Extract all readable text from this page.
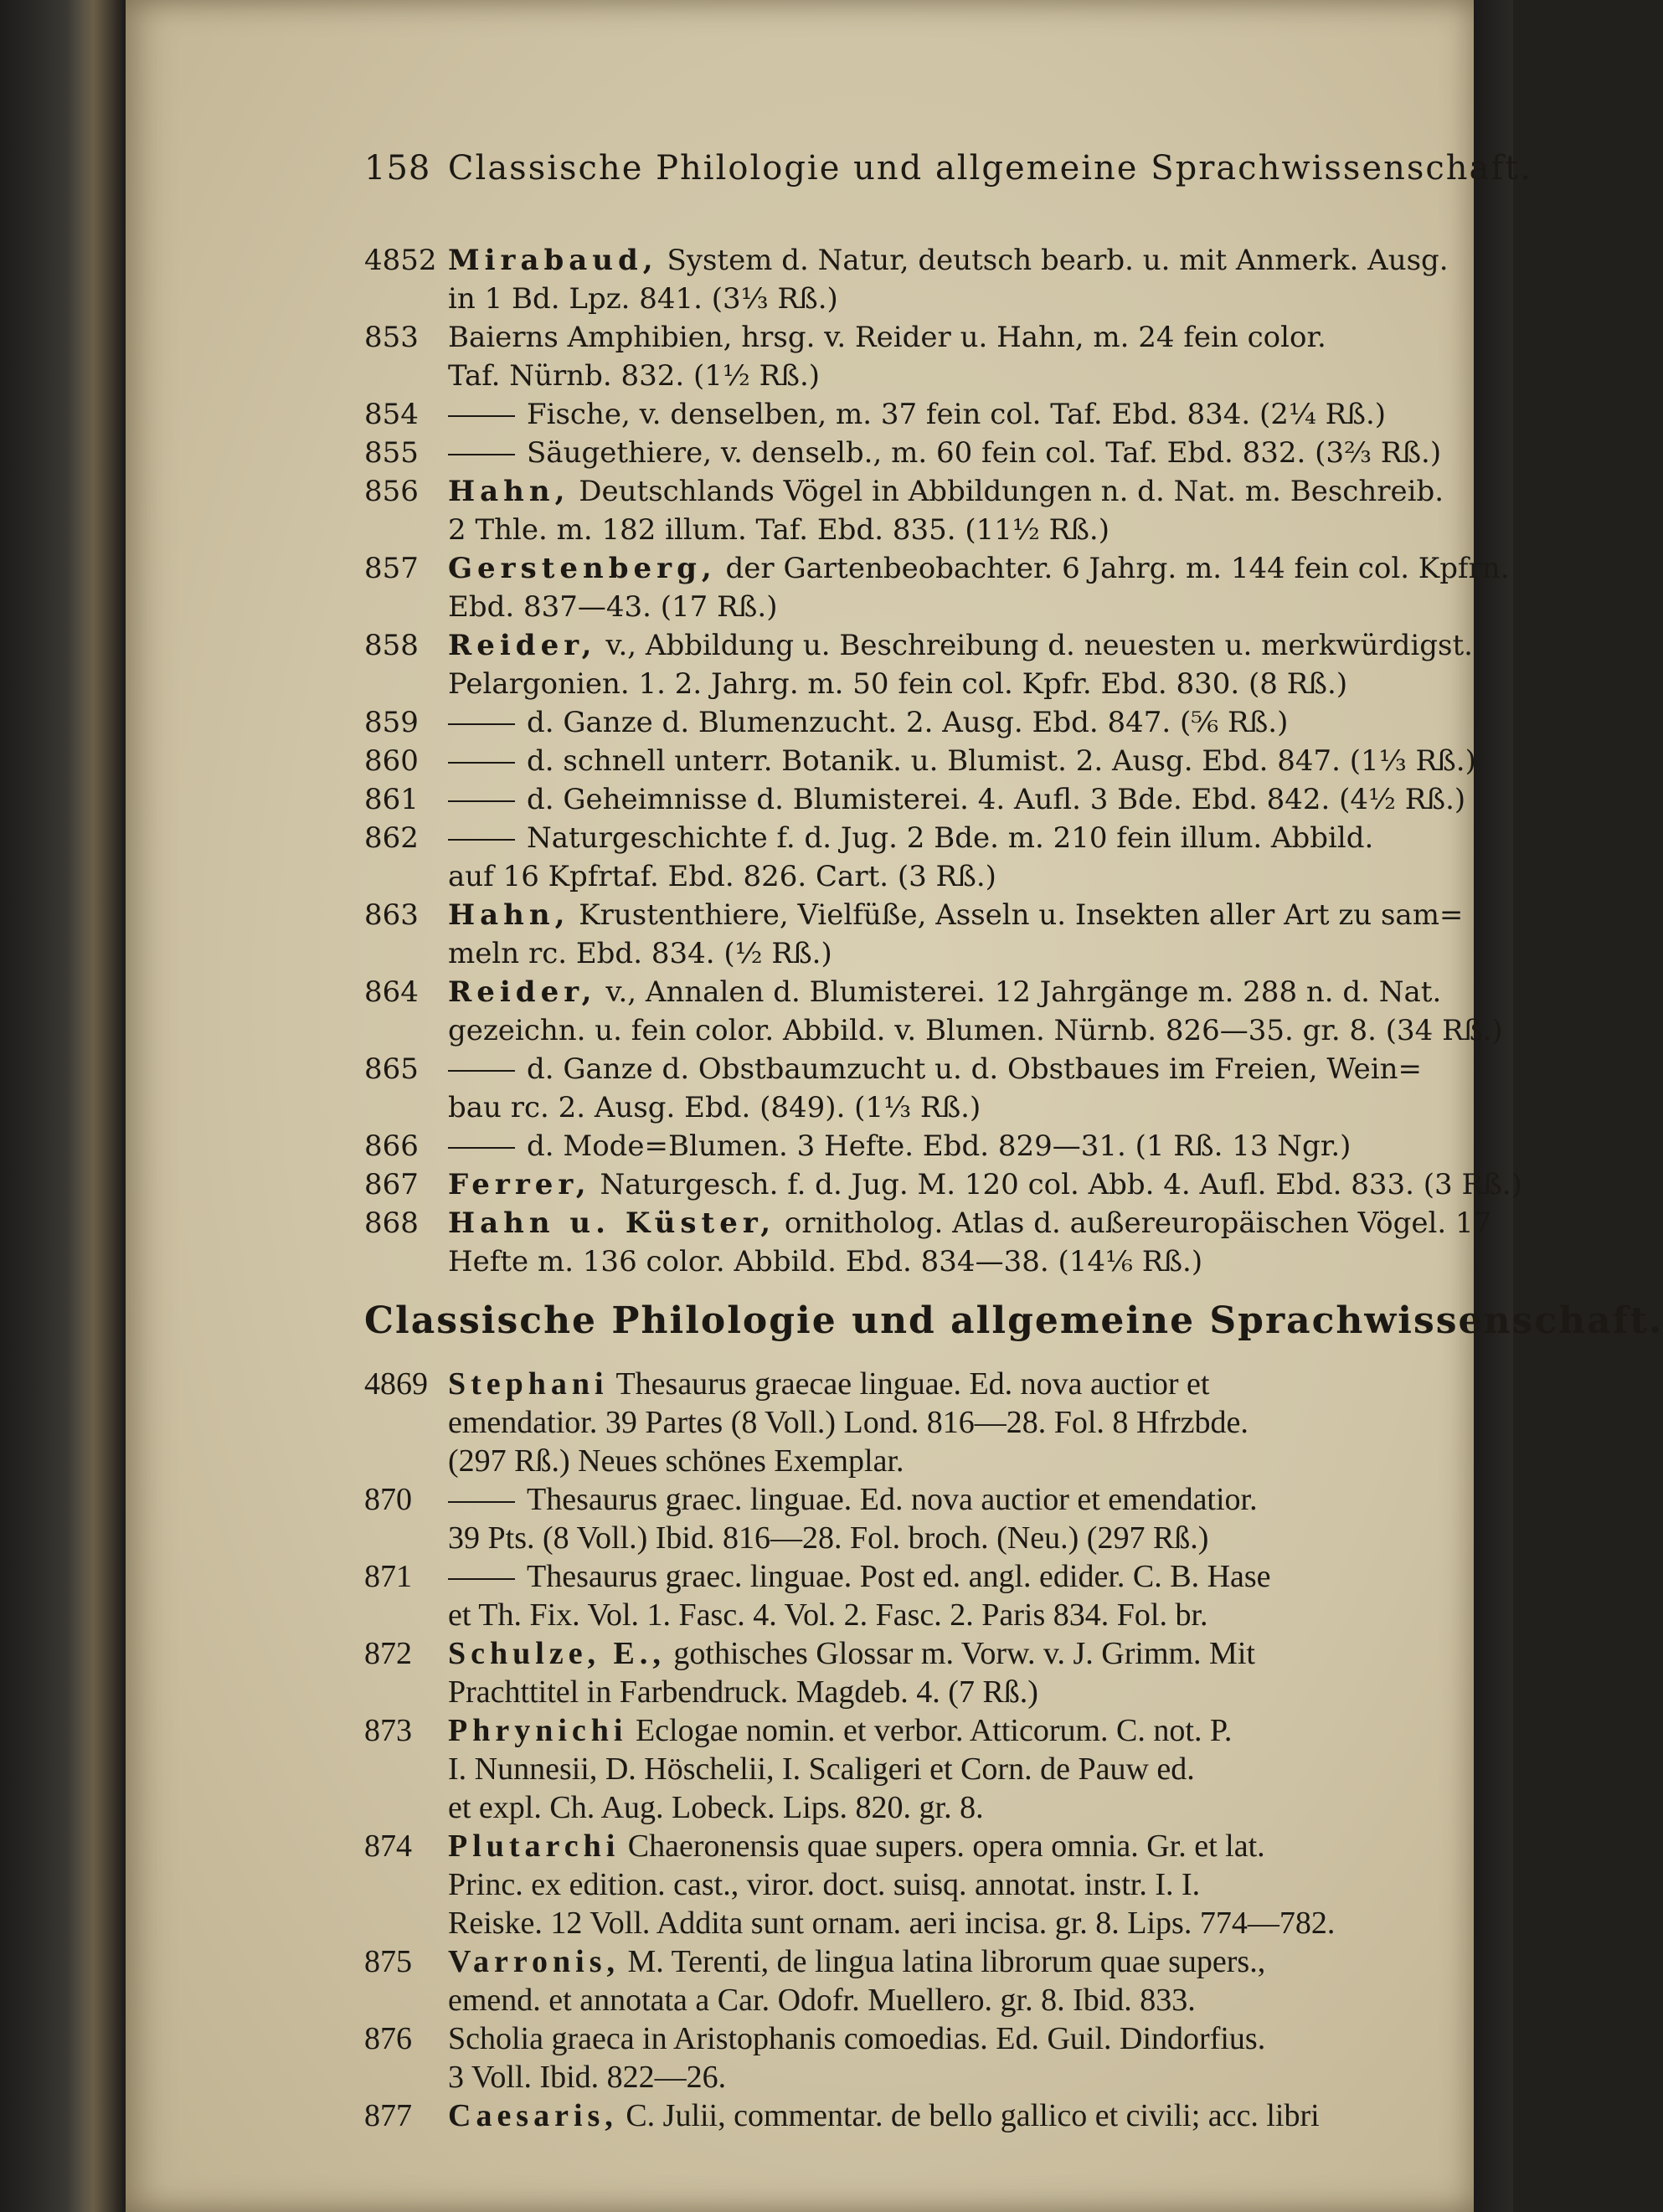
158 Classische Philologie und allgemeine Sprachwissenschaft.
4852 Mirabaud, System d. Natur, deutsch bearb. u. mit Anmerk. Ausg.
in 1 Bd. Lpz. 841. (3⅓ Rß.)
853 Baierns Amphibien, hrsg. v. Reider u. Hahn, m. 24 fein color.
Taf. Nürnb. 832. (1½ Rß.)
854	Fische, v. denselben, m. 37 fein col. Taf. Ebd. 834. (2¼ Rß.)
855	Säugethiere, v. denselb., m. 60 fein col. Taf. Ebd. 832. (3⅔ Rß.)
856 Hahn, Deutschlands Vögel in Abbildungen n. d. Nat. m. Beschreib.
2 Thle. m. 182 illum. Taf. Ebd. 835. (11½ Rß.)
857 Gerstenberg, der Gartenbeobachter. 6 Jahrg. m. 144 fein col. Kpfrn.
Ebd. 837—43. (17 Rß.)
858 Reider, v., Abbildung u. Beschreibung d. neuesten u. merkwürdigst.
Pelargonien. 1. 2. Jahrg. m. 50 fein col. Kpfr. Ebd. 830. (8 Rß.)
859	d. Ganze d. Blumenzucht. 2. Ausg. Ebd. 847. (⅚ Rß.)
860	d. schnell unterr. Botanik. u. Blumist. 2. Ausg. Ebd. 847. (1⅓ Rß.)
861	d. Geheimnisse d. Blumisterei. 4. Aufl. 3 Bde. Ebd. 842. (4½ Rß.)
862	Naturgeschichte f. d. Jug. 2 Bde. m. 210 fein illum. Abbild.
auf 16 Kpfrtaf. Ebd. 826. Cart. (3 Rß.)
863 Hahn, Krustenthiere, Vielfüße, Asseln u. Insekten aller Art zu sam=
meln rc. Ebd. 834. (½ Rß.)
864 Reider, v., Annalen d. Blumisterei. 12 Jahrgänge m. 288 n. d. Nat.
gezeichn. u. fein color. Abbild. v. Blumen. Nürnb. 826—35. gr. 8. (34 Rß.)
865	d. Ganze d. Obstbaumzucht u. d. Obstbaues im Freien, Wein=
bau rc. 2. Ausg. Ebd. (849). (1⅓ Rß.)
866	d. Mode=Blumen. 3 Hefte. Ebd. 829—31. (1 Rß. 13 Ngr.)
867 Ferrer, Naturgesch. f. d. Jug. M. 120 col. Abb. 4. Aufl. Ebd. 833. (3 Rß.)
868 Hahn u. Küster, ornitholog. Atlas d. außereuropäischen Vögel. 17
Hefte m. 136 color. Abbild. Ebd. 834—38. (14⅙ Rß.)
Classische Philologie und allgemeine Sprachwissenschaft.
4869 Stephani Thesaurus graecae linguae. Ed. nova auctior et
emendatior. 39 Partes (8 Voll.) Lond. 816—28. Fol. 8 Hfrzbde.
(297 Rß.) Neues schönes Exemplar.
870	Thesaurus graec. linguae. Ed. nova auctior et emendatior.
39 Pts. (8 Voll.) Ibid. 816—28. Fol. broch. (Neu.) (297 Rß.)
871	Thesaurus graec. linguae. Post ed. angl. edider. C. B. Hase
et Th. Fix. Vol. 1. Fasc. 4. Vol. 2. Fasc. 2. Paris 834. Fol. br.
872 Schulze, E., gothisches Glossar m. Vorw. v. J. Grimm. Mit
Prachttitel in Farbendruck. Magdeb. 4. (7 Rß.)
873 Phrynichi Eclogae nomin. et verbor. Atticorum. C. not. P.
I. Nunnesii, D. Höschelii, I. Scaligeri et Corn. de Pauw ed.
et expl. Ch. Aug. Lobeck. Lips. 820. gr. 8.
874 Plutarchi Chaeronensis quae supers. opera omnia. Gr. et lat.
Princ. ex edition. cast., viror. doct. suisq. annotat. instr. I. I.
Reiske. 12 Voll. Addita sunt ornam. aeri incisa. gr. 8. Lips. 774—782.
875 Varronis, M. Terenti, de lingua latina librorum quae supers.,
emend. et annotata a Car. Odofr. Muellero. gr. 8. Ibid. 833.
876 Scholia graeca in Aristophanis comoedias. Ed. Guil. Dindorfius.
3 Voll. Ibid. 822—26.
877 Caesaris, C. Julii, commentar. de bello gallico et civili; acc. libri
